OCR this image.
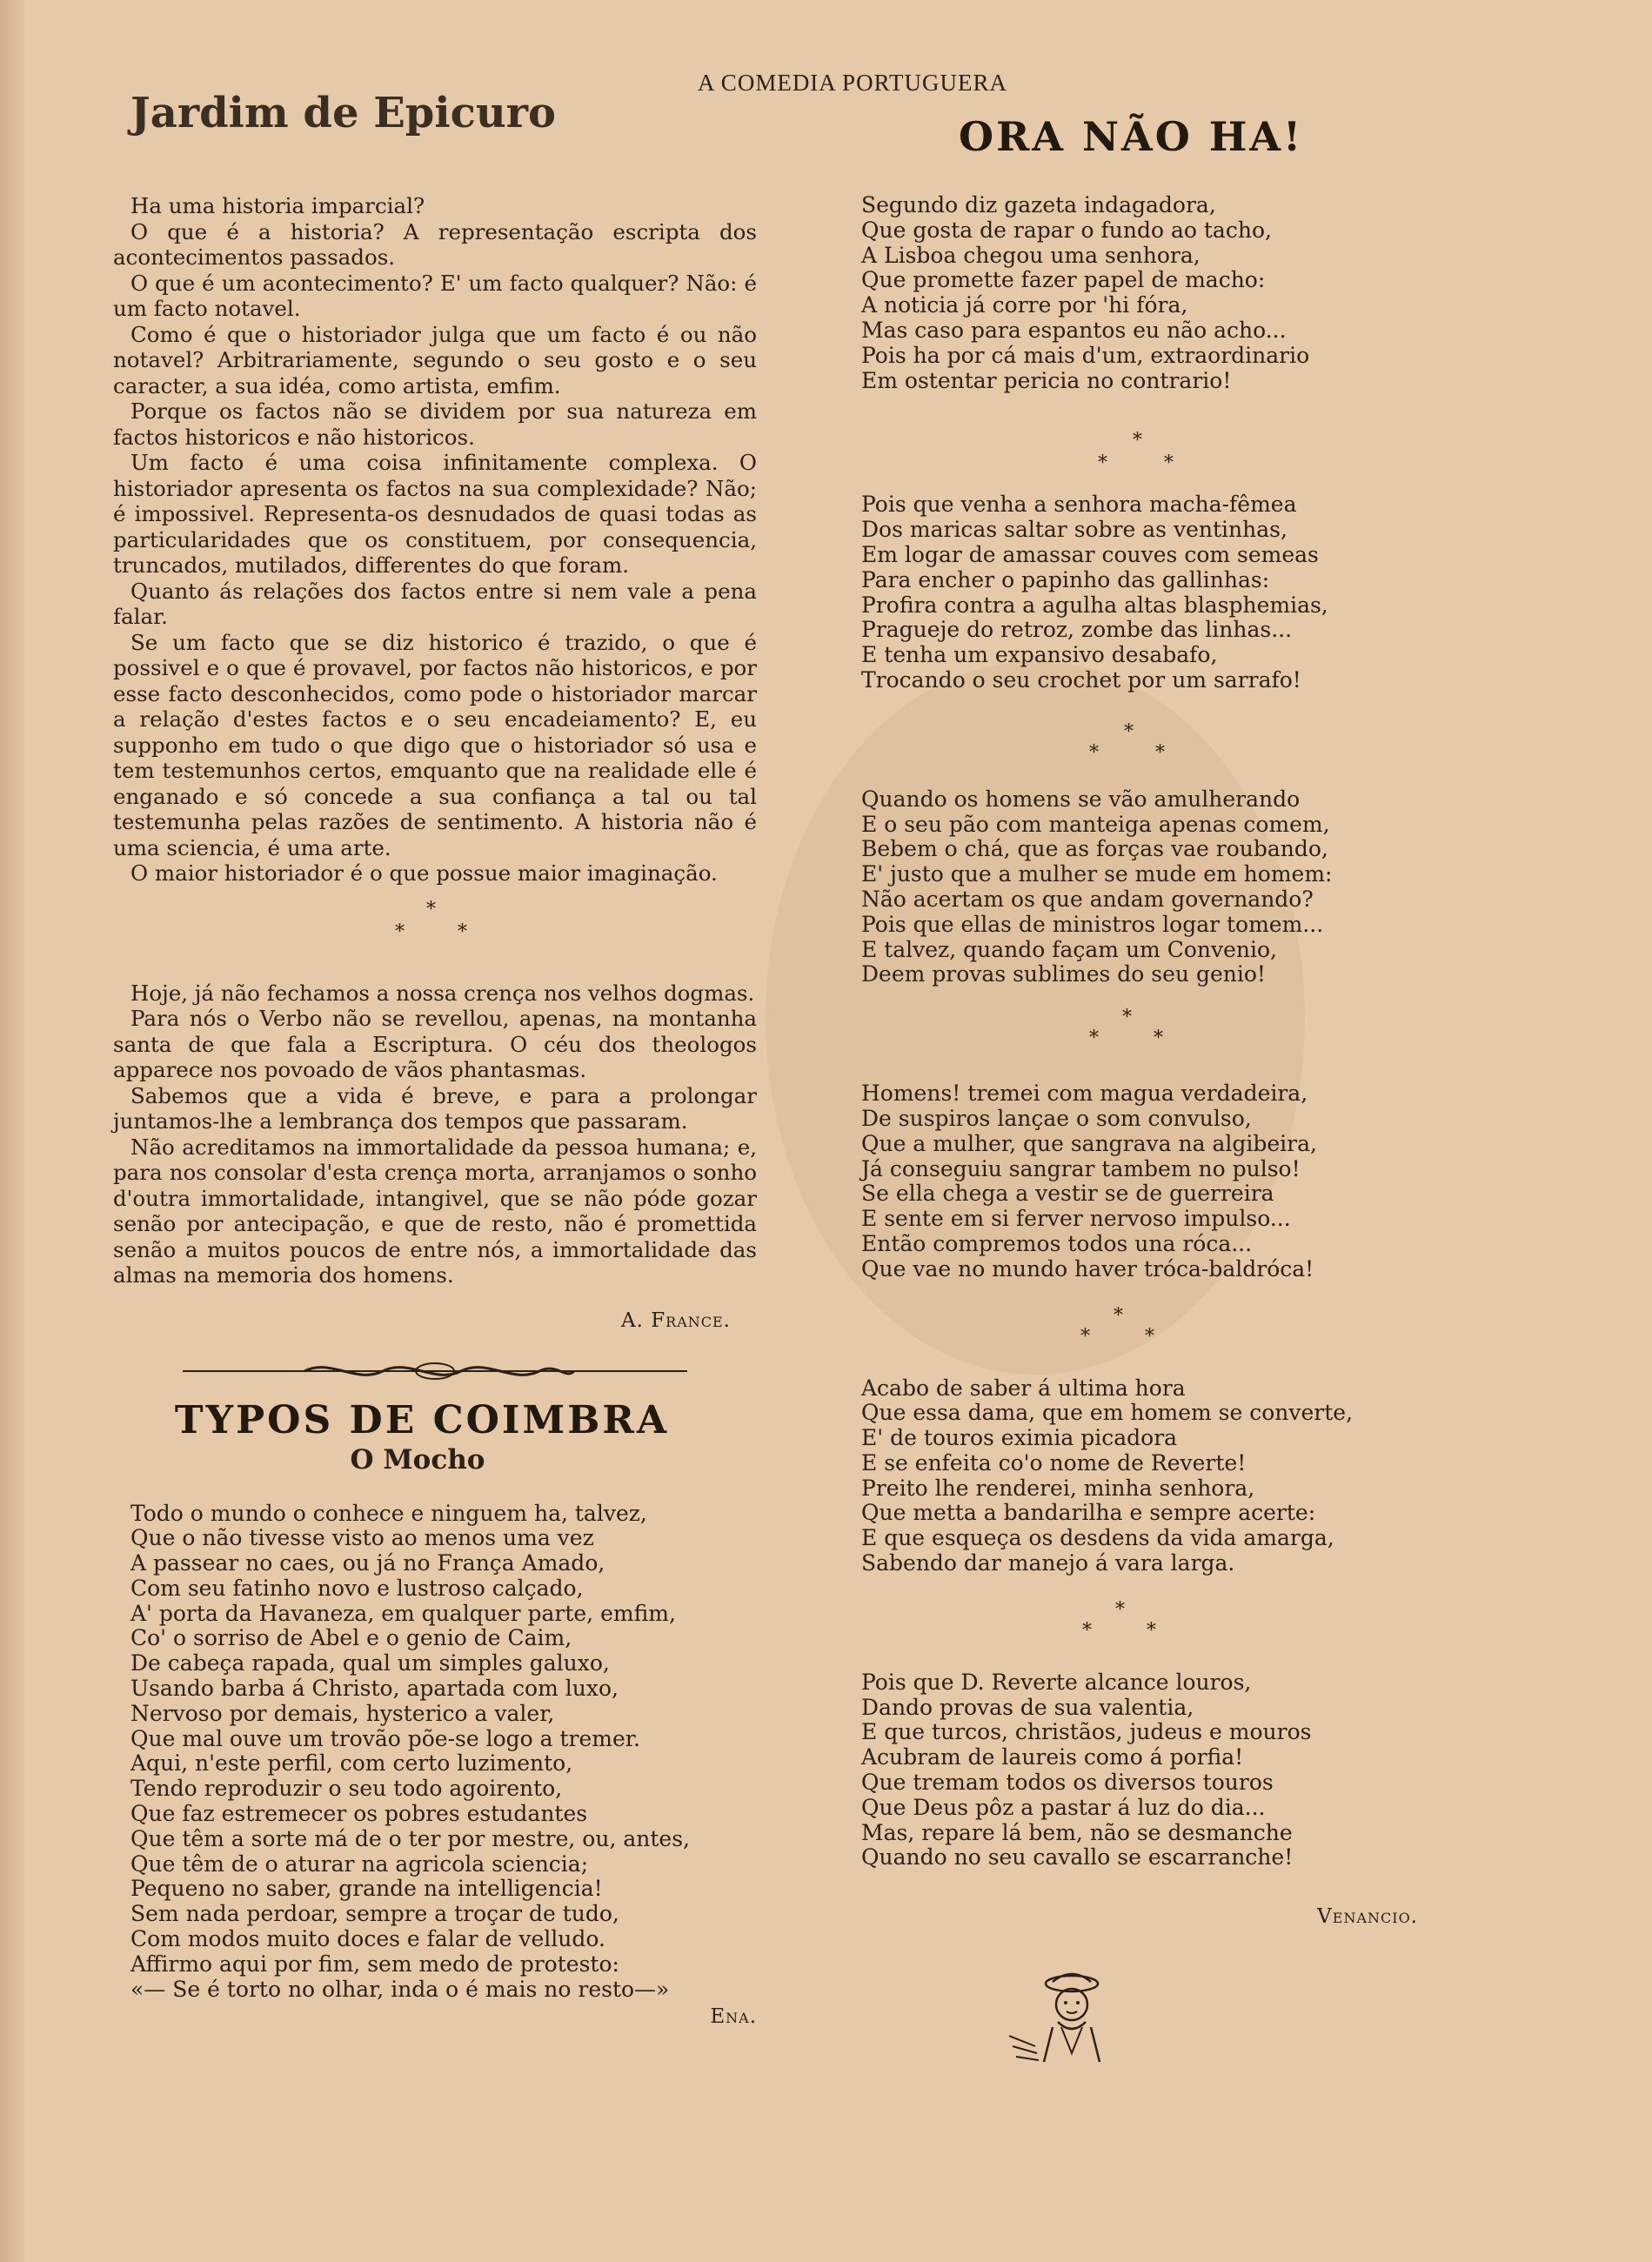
A COMEDIA PORTUGUERA
Jardim de Epicuro

Ha uma historia imparcial?

O que é a historia? A representação escripta dos acontecimentos passados.

O que é um acontecimento? E' um facto qualquer? Não: é um facto notavel.

Como é que o historiador julga que um facto é ou não notavel? Arbitrariamente, segundo o seu gosto e o seu caracter, a sua idéa, como artista, emfim.

Porque os factos não se dividem por sua natureza em factos historicos e não historicos.

Um facto é uma coisa infinitamente complexa. O historiador apresenta os factos na sua complexidade? Não; é impossivel. Representa-os desnudados de quasi todas as particularidades que os constituem, por consequencia, truncados, mutilados, differentes do que foram.

Quanto ás relações dos factos entre si nem vale a pena falar.

Se um facto que se diz historico é trazido, o que é possivel e o que é provavel, por factos não historicos, e por esse facto desconhecidos, como pode o historiador marcar a relação d'estes factos e o seu encadeiamento? E, eu supponho em tudo o que digo que o historiador só usa e tem testemunhos certos, emquanto que na realidade elle é enganado e só concede a sua confiança a tal ou tal testemunha pelas razões de sentimento. A historia não é uma sciencia, é uma arte.

O maior historiador é o que possue maior imaginação.

*
*	*

Hoje, já não fechamos a nossa crença nos velhos dogmas.

Para nós o Verbo não se revellou, apenas, na montanha santa de que fala a Escriptura. O céu dos theologos apparece nos povoado de vãos phantasmas.

Sabemos que a vida é breve, e para a prolongar juntamos-lhe a lembrança dos tempos que passaram.

Não acreditamos na immortalidade da pessoa humana; e, para nos consolar d'esta crença morta, arranjamos o sonho d'outra immortalidade, intangivel, que se não póde gozar senão por antecipação, e que de resto, não é promettida senão a muitos poucos de entre nós, a immortalidade das almas na memoria dos homens.

A. France.
TYPOS DE COIMBRA
O Mocho
Todo o mundo o conhece e ninguem ha, talvez,
Que o não tivesse visto ao menos uma vez
A passear no caes, ou já no França Amado,
Com seu fatinho novo e lustroso calçado,
A' porta da Havaneza, em qualquer parte, emfim,
Co' o sorriso de Abel e o genio de Caim,
De cabeça rapada, qual um simples galuxo,
Usando barba á Christo, apartada com luxo,
Nervoso por demais, hysterico a valer,
Que mal ouve um trovão põe-se logo a tremer.
Aqui, n'este perfil, com certo luzimento,
Tendo reproduzir o seu todo agoirento,
Que faz estremecer os pobres estudantes
Que têm a sorte má de o ter por mestre, ou, antes,
Que têm de o aturar na agricola sciencia;
Pequeno no saber, grande na intelligencia!
Sem nada perdoar, sempre a troçar de tudo,
Com modos muito doces e falar de velludo.
Affirmo aqui por fim, sem medo de protesto:
«— Se é torto no olhar, inda o é mais no resto—»
Ena.
ORA NÃO HA!
Segundo diz gazeta indagadora,
Que gosta de rapar o fundo ao tacho,
A Lisboa chegou uma senhora,
Que promette fazer papel de macho:
A noticia já corre por 'hi fóra,
Mas caso para espantos eu não acho...
Pois ha por cá mais d'um, extraordinario
Em ostentar pericia no contrario!
*
*	*
Pois que venha a senhora macha-fêmea
Dos maricas saltar sobre as ventinhas,
Em logar de amassar couves com semeas
Para encher o papinho das gallinhas:
Profira contra a agulha altas blasphemias,
Pragueje do retroz, zombe das linhas...
E tenha um expansivo desabafo,
Trocando o seu crochet por um sarrafo!
*
*	*
Quando os homens se vão amulherando
E o seu pão com manteiga apenas comem,
Bebem o chá, que as forças vae roubando,
E' justo que a mulher se mude em homem:
Não acertam os que andam governando?
Pois que ellas de ministros logar tomem...
E talvez, quando façam um Convenio,
Deem provas sublimes do seu genio!
*
*	*
Homens! tremei com magua verdadeira,
De suspiros lançae o som convulso,
Que a mulher, que sangrava na algibeira,
Já conseguiu sangrar tambem no pulso!
Se ella chega a vestir se de guerreira
E sente em si ferver nervoso impulso...
Então compremos todos una róca...
Que vae no mundo haver tróca-baldróca!
*
*	*
Acabo de saber á ultima hora
Que essa dama, que em homem se converte,
E' de touros eximia picadora
E se enfeita co'o nome de Reverte!
Preito lhe renderei, minha senhora,
Que metta a bandarilha e sempre acerte:
E que esqueça os desdens da vida amarga,
Sabendo dar manejo á vara larga.
*
*	*
Pois que D. Reverte alcance louros,
Dando provas de sua valentia,
E que turcos, christãos, judeus e mouros
Acubram de laureis como á porfia!
Que tremam todos os diversos touros
Que Deus pôz a pastar á luz do dia...
Mas, repare lá bem, não se desmanche
Quando no seu cavallo se escarranche!
Venancio.
